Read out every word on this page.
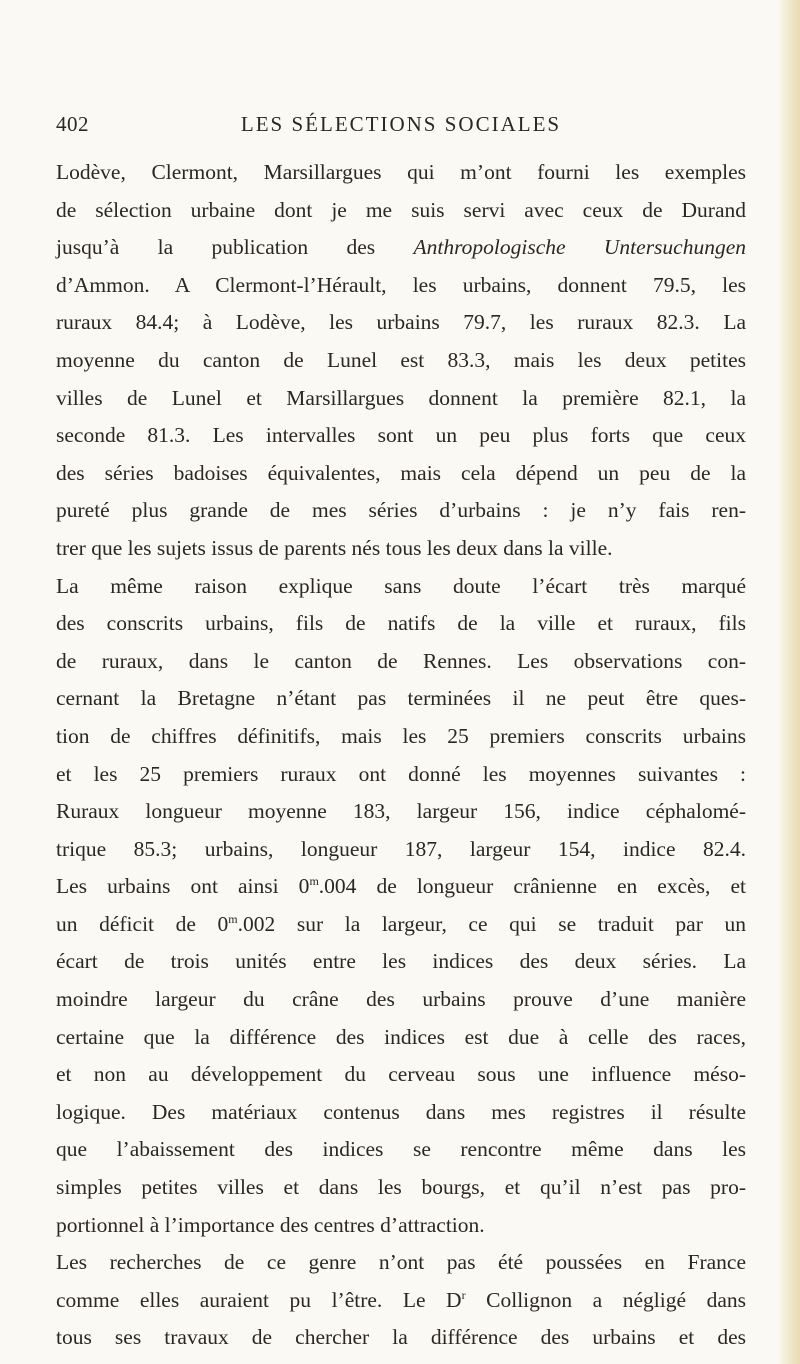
402	LES SÉLECTIONS SOCIALES
Lodève, Clermont, Marsillargues qui m’ont fourni les exemples
de sélection urbaine dont je me suis servi avec ceux de Durand
jusqu’à la publication des Anthropologische Untersuchungen
d’Ammon. A Clermont-l’Hérault, les urbains, donnent 79.5, les
ruraux 84.4; à Lodève, les urbains 79.7, les ruraux 82.3. La
moyenne du canton de Lunel est 83.3, mais les deux petites
villes de Lunel et Marsillargues donnent la première 82.1, la
seconde 81.3. Les intervalles sont un peu plus forts que ceux
des séries badoises équivalentes, mais cela dépend un peu de la
pureté plus grande de mes séries d’urbains : je n’y fais ren-
trer que les sujets issus de parents nés tous les deux dans la ville.
La même raison explique sans doute l’écart très marqué
des conscrits urbains, fils de natifs de la ville et ruraux, fils
de ruraux, dans le canton de Rennes. Les observations con-
cernant la Bretagne n’étant pas terminées il ne peut être ques-
tion de chiffres définitifs, mais les 25 premiers conscrits urbains
et les 25 premiers ruraux ont donné les moyennes suivantes :
Ruraux longueur moyenne 183, largeur 156, indice céphalomé-
trique 85.3; urbains, longueur 187, largeur 154, indice 82.4.
Les urbains ont ainsi 0$^m$.004 de longueur crânienne en excès, et
un déficit de 0$^m$.002 sur la largeur, ce qui se traduit par un
écart de trois unités entre les indices des deux séries. La
moindre largeur du crâne des urbains prouve d’une manière
certaine que la différence des indices est due à celle des races,
et non au développement du cerveau sous une influence méso-
logique. Des matériaux contenus dans mes registres il résulte
que l’abaissement des indices se rencontre même dans les
simples petites villes et dans les bourgs, et qu’il n’est pas pro-
portionnel à l’importance des centres d’attraction.
Les recherches de ce genre n’ont pas été poussées en France
comme elles auraient pu l’être. Le $D^r$ Collignon a négligé dans
tous ses travaux de chercher la différence des urbains et des
